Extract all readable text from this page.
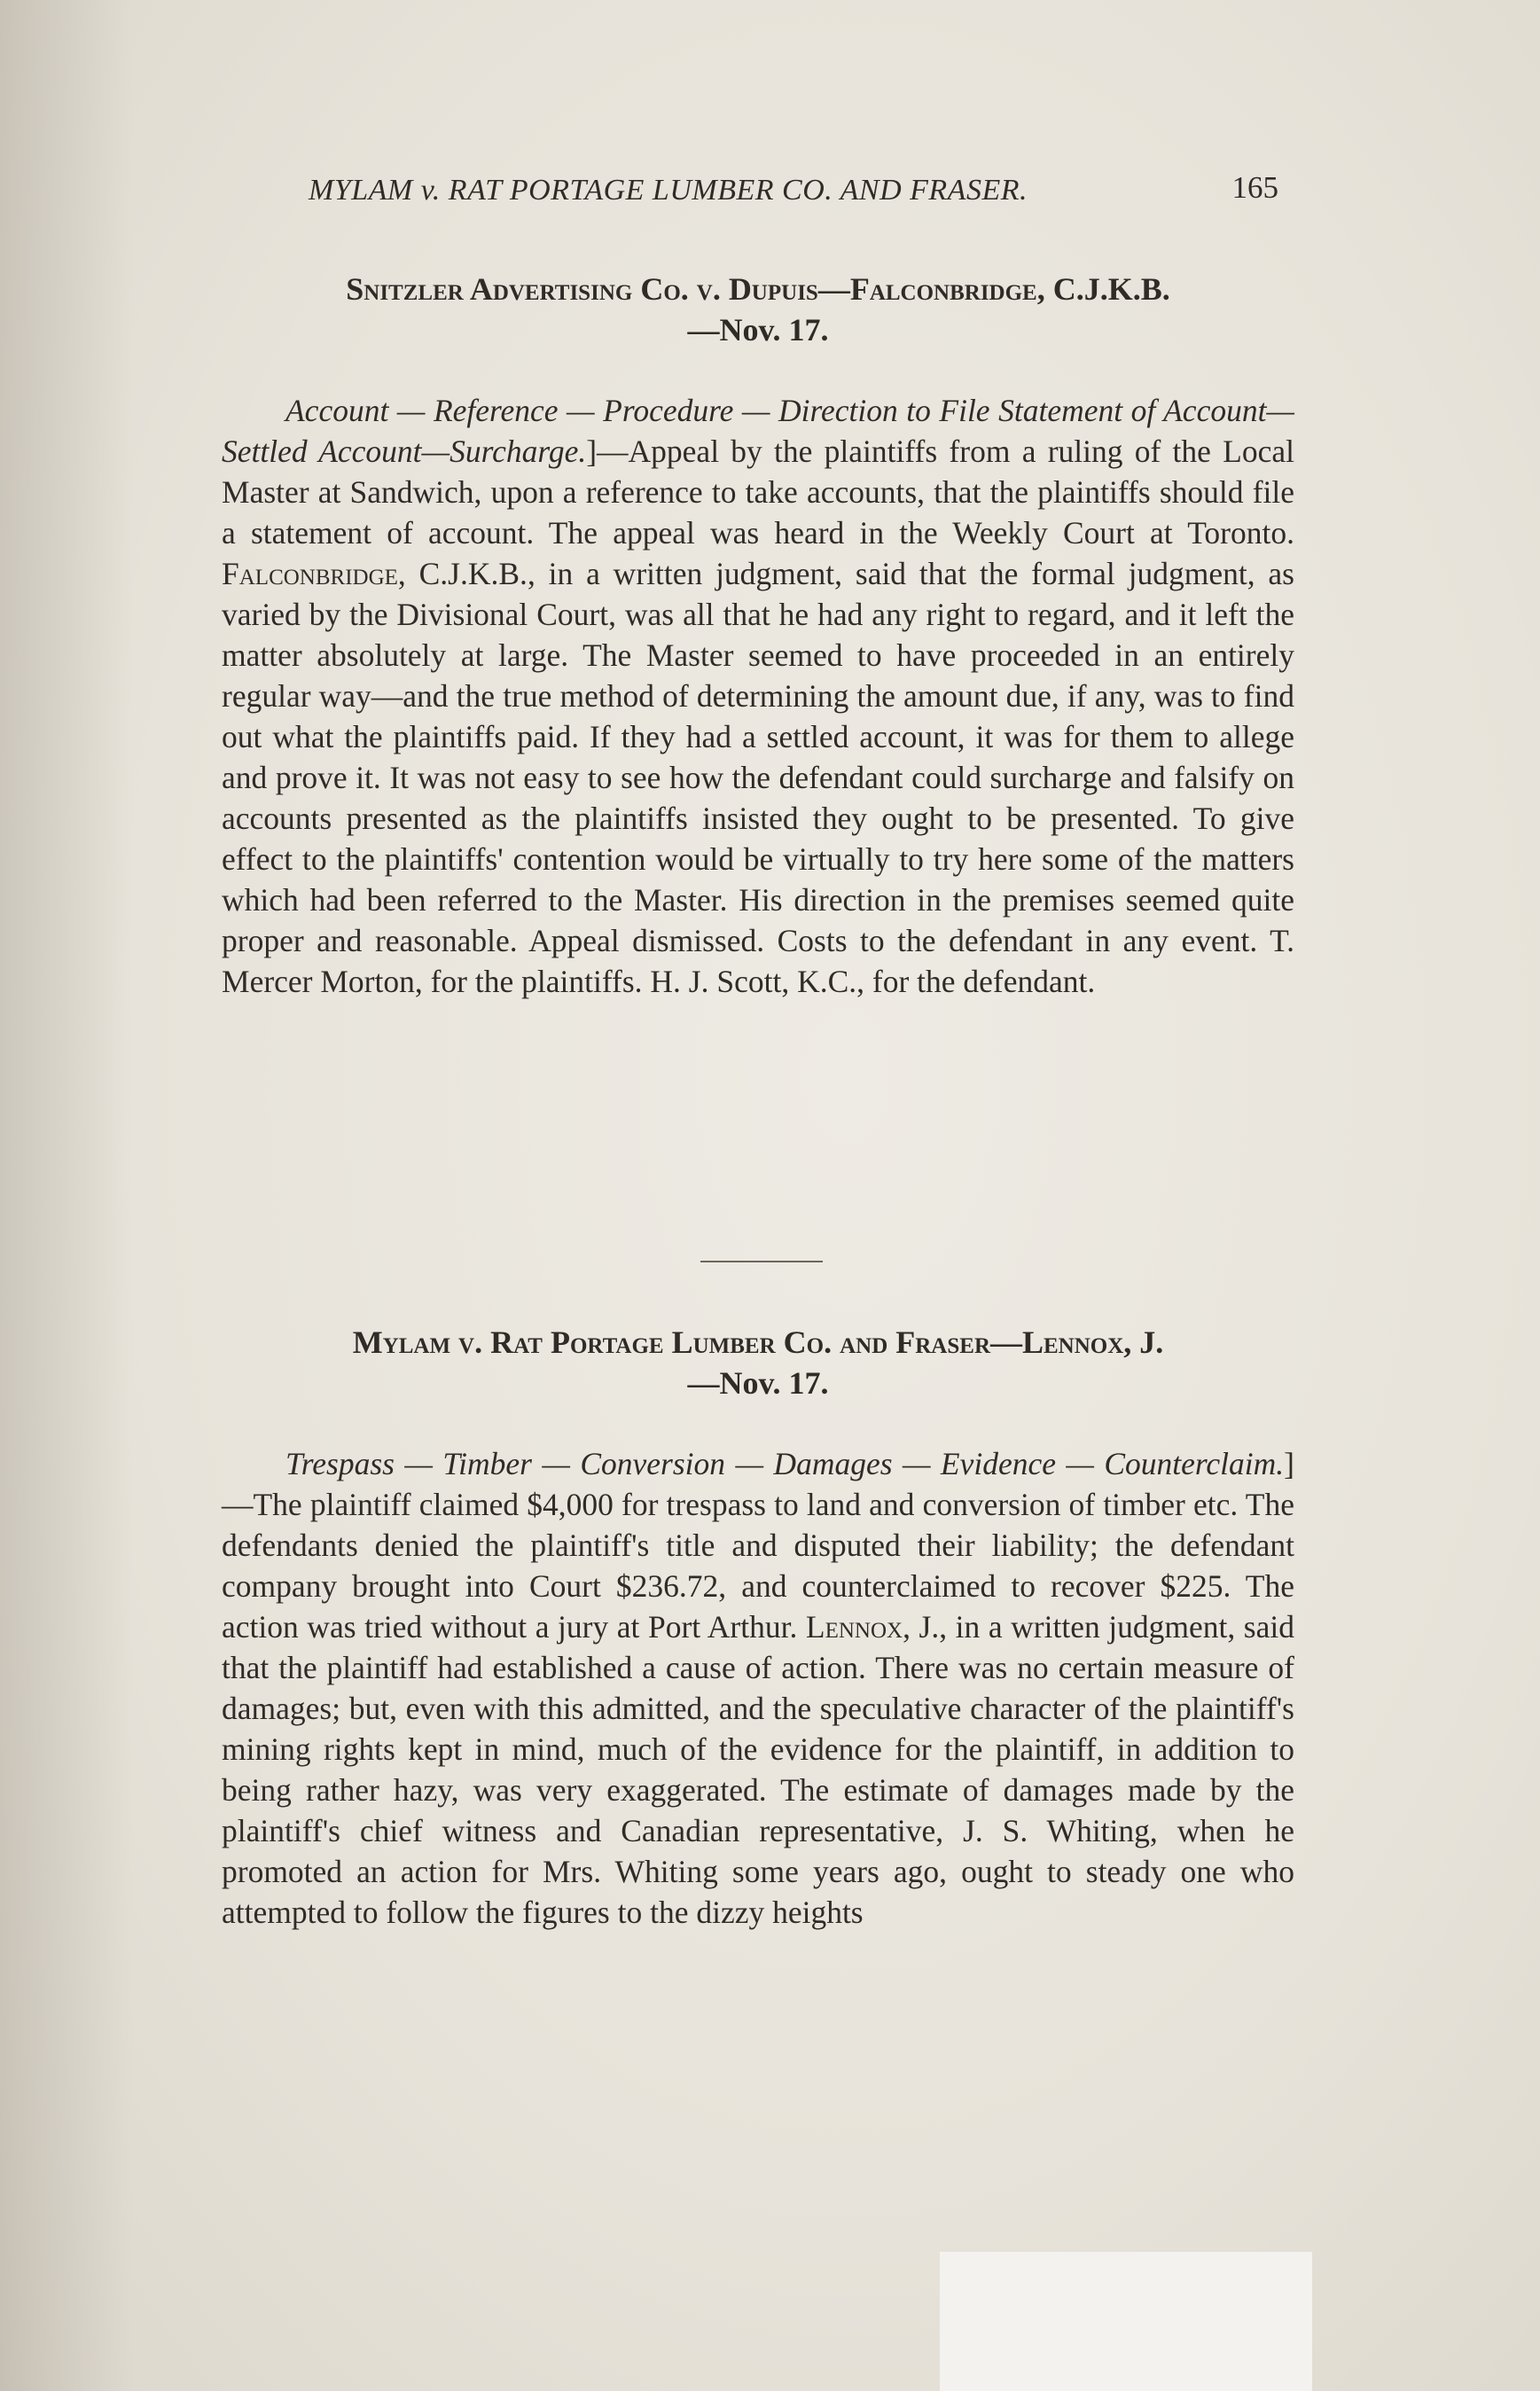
MYLAM v. RAT PORTAGE LUMBER CO. AND FRASER.	165
Snitzler Advertising Co. v. Dupuis—Falconbridge, C.J.K.B.
—Nov. 17.

Account — Reference — Procedure — Direction to File Statement of Account—Settled Account—Surcharge.]—Appeal by the plaintiffs from a ruling of the Local Master at Sandwich, upon a reference to take accounts, that the plaintiffs should file a statement of account. The appeal was heard in the Weekly Court at Toronto. Falconbridge, C.J.K.B., in a written judgment, said that the formal judgment, as varied by the Divisional Court, was all that he had any right to regard, and it left the matter absolutely at large. The Master seemed to have proceeded in an entirely regular way—and the true method of determining the amount due, if any, was to find out what the plaintiffs paid. If they had a settled account, it was for them to allege and prove it. It was not easy to see how the defendant could surcharge and falsify on accounts presented as the plaintiffs insisted they ought to be presented. To give effect to the plaintiffs' contention would be virtually to try here some of the matters which had been referred to the Master. His direction in the premises seemed quite proper and reasonable. Appeal dismissed. Costs to the defendant in any event. T. Mercer Morton, for the plaintiffs. H. J. Scott, K.C., for the defendant.

Mylam v. Rat Portage Lumber Co. and Fraser—Lennox, J.
—Nov. 17.

Trespass — Timber — Conversion — Damages — Evidence — Counterclaim.]—The plaintiff claimed $4,000 for trespass to land and conversion of timber etc. The defendants denied the plaintiff's title and disputed their liability; the defendant company brought into Court $236.72, and counterclaimed to recover $225. The action was tried without a jury at Port Arthur. Lennox, J., in a written judgment, said that the plaintiff had established a cause of action. There was no certain measure of damages; but, even with this admitted, and the speculative character of the plaintiff's mining rights kept in mind, much of the evidence for the plaintiff, in addition to being rather hazy, was very exaggerated. The estimate of damages made by the plaintiff's chief witness and Canadian representative, J. S. Whiting, when he promoted an action for Mrs. Whiting some years ago, ought to steady one who attempted to follow the figures to the dizzy heights
